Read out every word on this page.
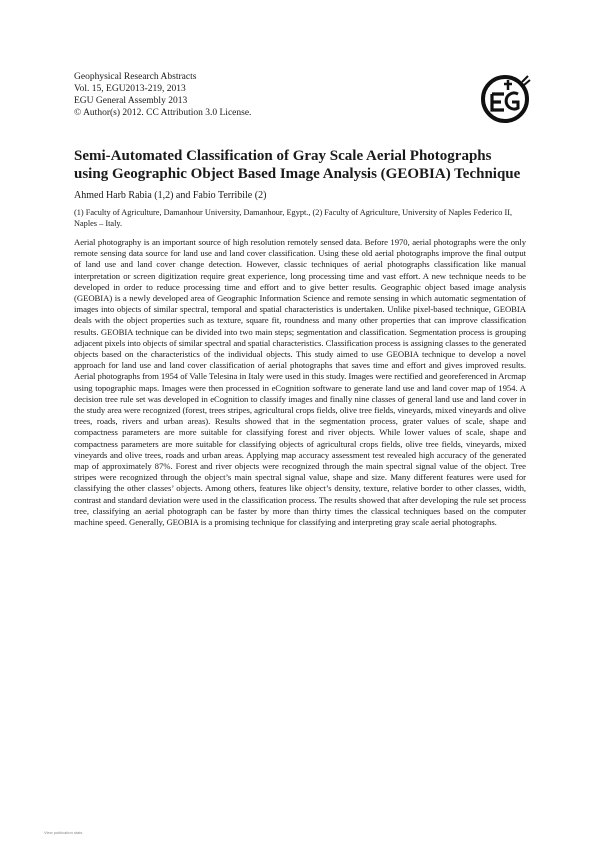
Geophysical Research Abstracts
Vol. 15, EGU2013-219, 2013
EGU General Assembly 2013
© Author(s) 2012. CC Attribution 3.0 License.
Semi-Automated Classification of Gray Scale Aerial Photographs using Geographic Object Based Image Analysis (GEOBIA) Technique
Ahmed Harb Rabia (1,2) and Fabio Terribile (2)
(1) Faculty of Agriculture, Damanhour University, Damanhour, Egypt., (2) Faculty of Agriculture, University of Naples Federico II, Naples – Italy.

Aerial photography is an important source of high resolution remotely sensed data. Before 1970, aerial photographs were the only remote sensing data source for land use and land cover classification. Using these old aerial photographs improve the final output of land use and land cover change detection. However, classic techniques of aerial photographs classification like manual interpretation or screen digitization require great experience, long processing time and vast effort. A new technique needs to be developed in order to reduce processing time and effort and to give better results. Geographic object based image analysis (GEOBIA) is a newly developed area of Geographic Information Science and remote sensing in which automatic segmentation of images into objects of similar spectral, temporal and spatial characteristics is undertaken. Unlike pixel-based technique, GEOBIA deals with the object properties such as texture, square fit, roundness and many other properties that can improve classification results. GEOBIA technique can be divided into two main steps; segmentation and classification. Segmentation process is grouping adjacent pixels into objects of similar spectral and spatial characteristics. Classification process is assigning classes to the generated objects based on the characteristics of the individual objects. This study aimed to use GEOBIA technique to develop a novel approach for land use and land cover classification of aerial photographs that saves time and effort and gives improved results. Aerial photographs from 1954 of Valle Telesina in Italy were used in this study. Images were rectified and georeferenced in Arcmap using topographic maps. Images were then processed in eCognition software to generate land use and land cover map of 1954. A decision tree rule set was developed in eCognition to classify images and finally nine classes of general land use and land cover in the study area were recognized (forest, trees stripes, agricultural crops fields, olive tree fields, vineyards, mixed vineyards and olive trees, roads, rivers and urban areas). Results showed that in the segmentation process, grater values of scale, shape and compactness parameters are more suitable for classifying forest and river objects. While lower values of scale, shape and compactness parameters are more suitable for classifying objects of agricultural crops fields, olive tree fields, vineyards, mixed vineyards and olive trees, roads and urban areas. Applying map accuracy assessment test revealed high accuracy of the generated map of approximately 87%. Forest and river objects were recognized through the main spectral signal value of the object. Tree stripes were recognized through the object’s main spectral signal value, shape and size. Many different features were used for classifying the other classes’ objects. Among others, features like object’s density, texture, relative border to other classes, width, contrast and standard deviation were used in the classification process. The results showed that after developing the rule set process tree, classifying an aerial photograph can be faster by more than thirty times the classical techniques based on the computer machine speed. Generally, GEOBIA is a promising technique for classifying and interpreting gray scale aerial photographs.

View publication stats
